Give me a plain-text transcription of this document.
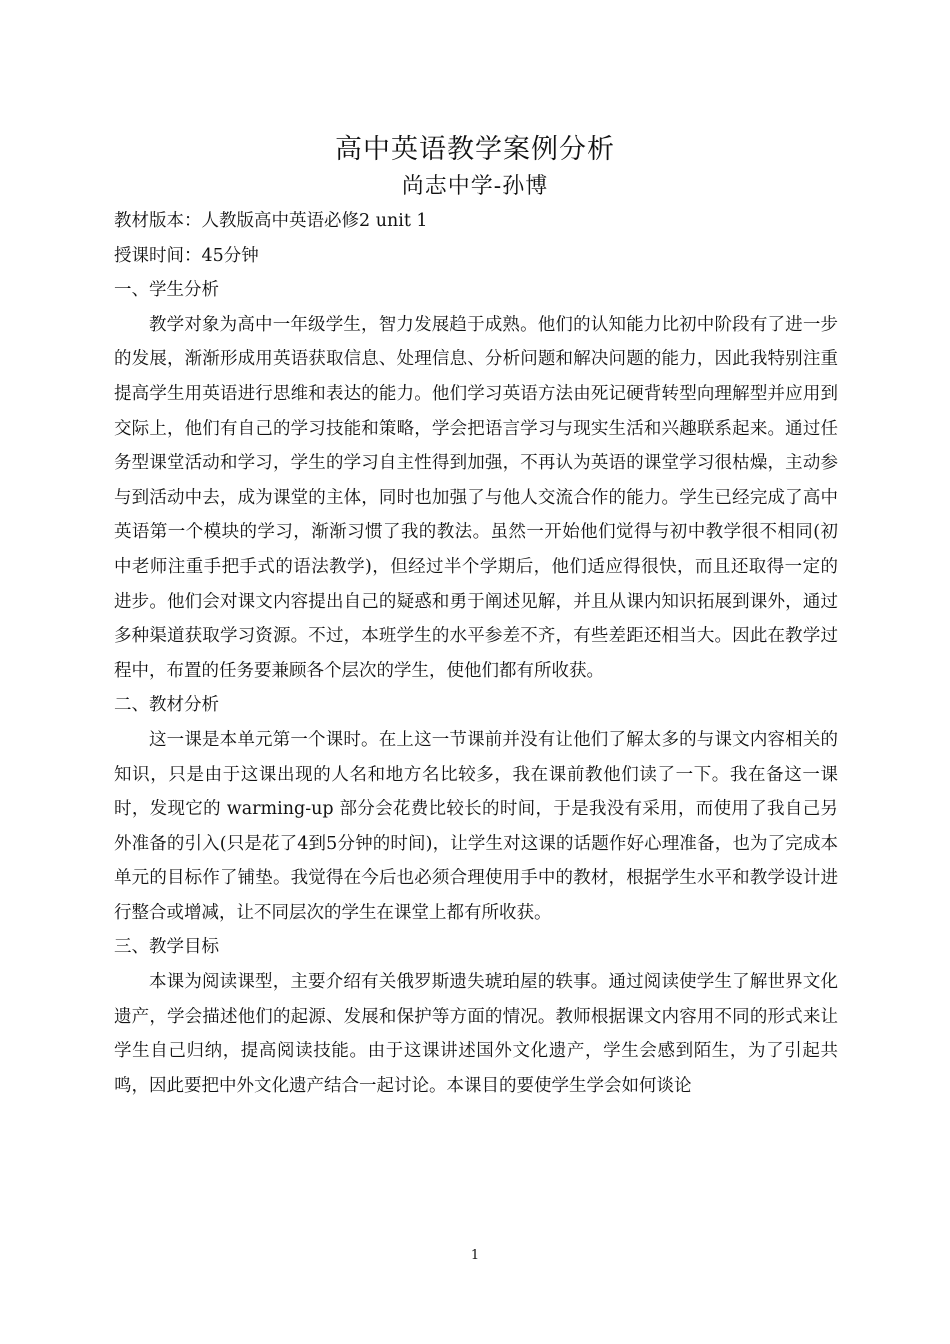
高中英语教学案例分析
尚志中学-孙博

教材版本：人教版高中英语必修2 unit 1

授课时间：45分钟

一、学生分析

教学对象为高中一年级学生，智力发展趋于成熟。他们的认知能力比初中阶段有了进一步的发展，渐渐形成用英语获取信息、处理信息、分析问题和解决问题的能力，因此我特别注重提高学生用英语进行思维和表达的能力。他们学习英语方法由死记硬背转型向理解型并应用到交际上，他们有自己的学习技能和策略，学会把语言学习与现实生活和兴趣联系起来。通过任务型课堂活动和学习，学生的学习自主性得到加强，不再认为英语的课堂学习很枯燥，主动参与到活动中去，成为课堂的主体，同时也加强了与他人交流合作的能力。学生已经完成了高中英语第一个模块的学习，渐渐习惯了我的教法。虽然一开始他们觉得与初中教学很不相同(初中老师注重手把手式的语法教学)，但经过半个学期后，他们适应得很快，而且还取得一定的进步。他们会对课文内容提出自己的疑惑和勇于阐述见解，并且从课内知识拓展到课外，通过多种渠道获取学习资源。不过，本班学生的水平参差不齐，有些差距还相当大。因此在教学过程中，布置的任务要兼顾各个层次的学生，使他们都有所收获。

二、教材分析

这一课是本单元第一个课时。在上这一节课前并没有让他们了解太多的与课文内容相关的知识，只是由于这课出现的人名和地方名比较多，我在课前教他们读了一下。我在备这一课时，发现它的 warming-up 部分会花费比较长的时间，于是我没有采用，而使用了我自己另外准备的引入(只是花了4到5分钟的时间)，让学生对这课的话题作好心理准备，也为了完成本单元的目标作了铺垫。我觉得在今后也必须合理使用手中的教材，根据学生水平和教学设计进行整合或增减，让不同层次的学生在课堂上都有所收获。

三、教学目标

本课为阅读课型，主要介绍有关俄罗斯遗失琥珀屋的轶事。通过阅读使学生了解世界文化遗产，学会描述他们的起源、发展和保护等方面的情况。教师根据课文内容用不同的形式来让学生自己归纳，提高阅读技能。由于这课讲述国外文化遗产，学生会感到陌生，为了引起共鸣，因此要把中外文化遗产结合一起讨论。本课目的要使学生学会如何谈论

1
